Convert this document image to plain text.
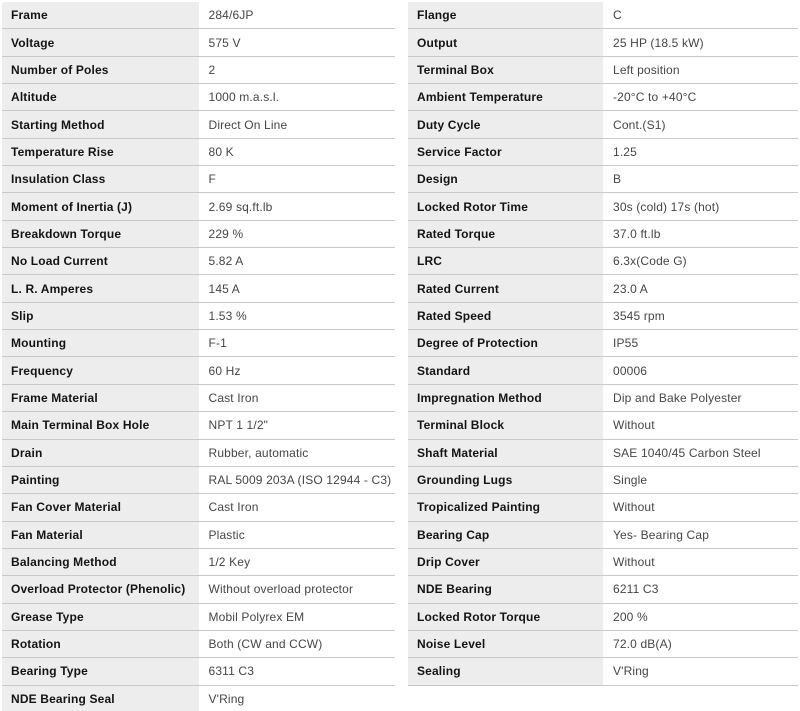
Frame	284/6JP
Voltage	575 V
Number of Poles	2
Altitude	1000 m.a.s.l.
Starting Method	Direct On Line
Temperature Rise	80 K
Insulation Class	F
Moment of Inertia (J)	2.69 sq.ft.lb
Breakdown Torque	229 %
No Load Current	5.82 A
L. R. Amperes	145 A
Slip	1.53 %
Mounting	F-1
Frequency	60 Hz
Frame Material	Cast Iron
Main Terminal Box Hole	NPT 1 1/2"
Drain	Rubber, automatic
Painting	RAL 5009 203A (ISO 12944 - C3)
Fan Cover Material	Cast Iron
Fan Material	Plastic
Balancing Method	1/2 Key
Overload Protector (Phenolic)	Without overload protector
Grease Type	Mobil Polyrex EM
Rotation	Both (CW and CCW)
Bearing Type	6311 C3
NDE Bearing Seal	V'Ring
Flange	C
Output	25 HP (18.5 kW)
Terminal Box	Left position
Ambient Temperature	-20°C to +40°C
Duty Cycle	Cont.(S1)
Service Factor	1.25
Design	B
Locked Rotor Time	30s (cold) 17s (hot)
Rated Torque	37.0 ft.lb
LRC	6.3x(Code G)
Rated Current	23.0 A
Rated Speed	3545 rpm
Degree of Protection	IP55
Standard	00006
Impregnation Method	Dip and Bake Polyester
Terminal Block	Without
Shaft Material	SAE 1040/45 Carbon Steel
Grounding Lugs	Single
Tropicalized Painting	Without
Bearing Cap	Yes- Bearing Cap
Drip Cover	Without
NDE Bearing	6211 C3
Locked Rotor Torque	200 %
Noise Level	72.0 dB(A)
Sealing	V'Ring
